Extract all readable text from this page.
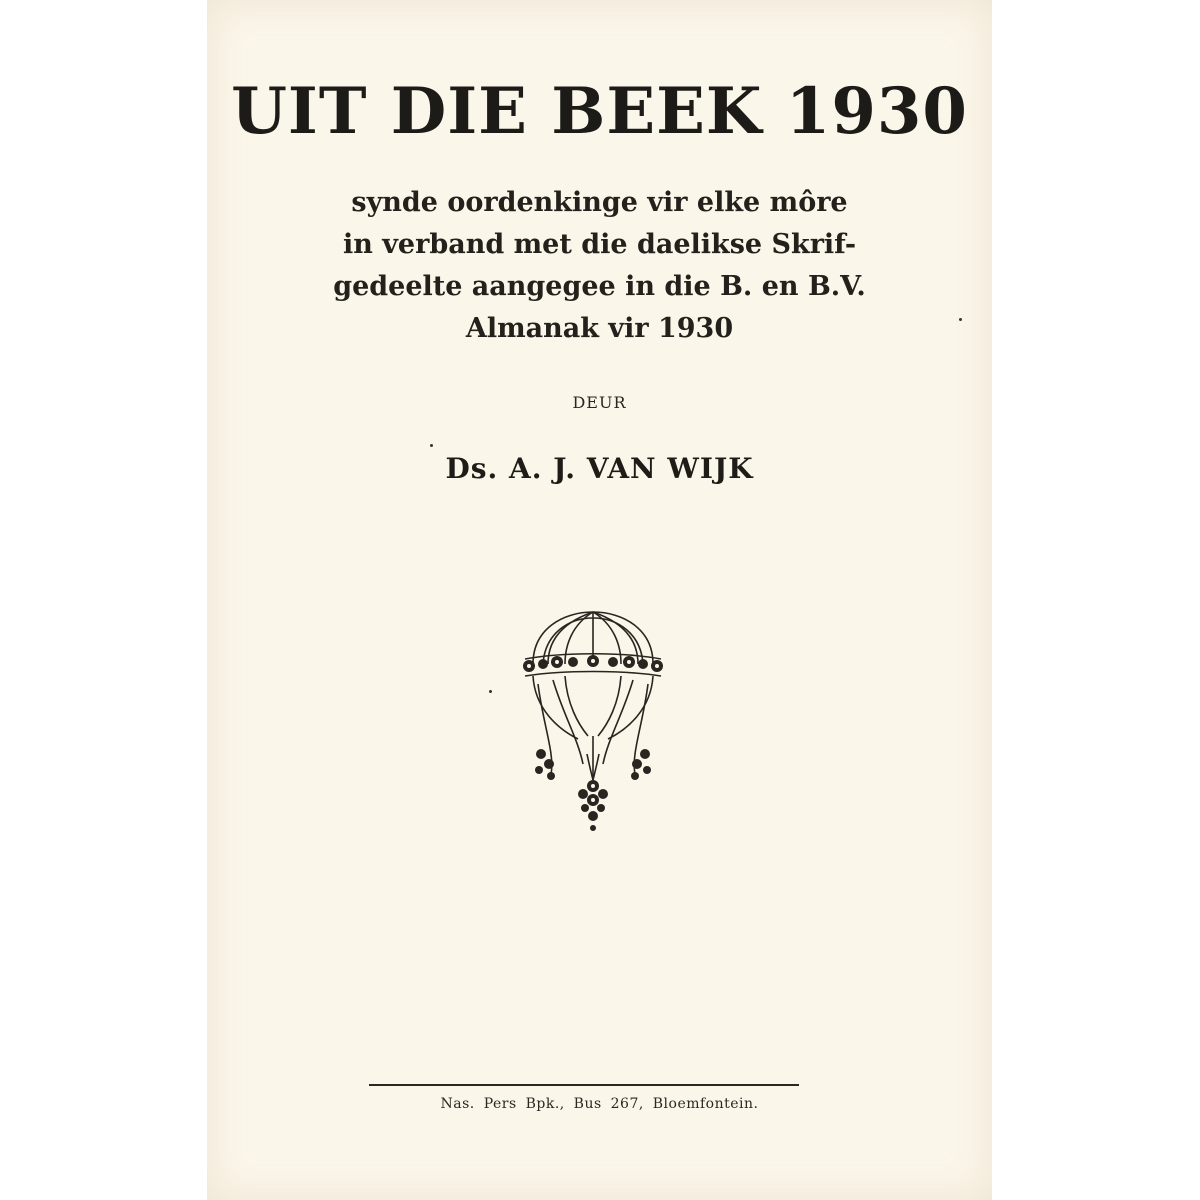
UIT DIE BEEK 1930
synde oordenkinge vir elke môre
in verband met die daelikse Skrif-
gedeelte aangegee in die B. en B.V.
Almanak vir 1930
DEUR
Ds. A. J. VAN WIJK
Nas. Pers Bpk., Bus 267, Bloemfontein.
